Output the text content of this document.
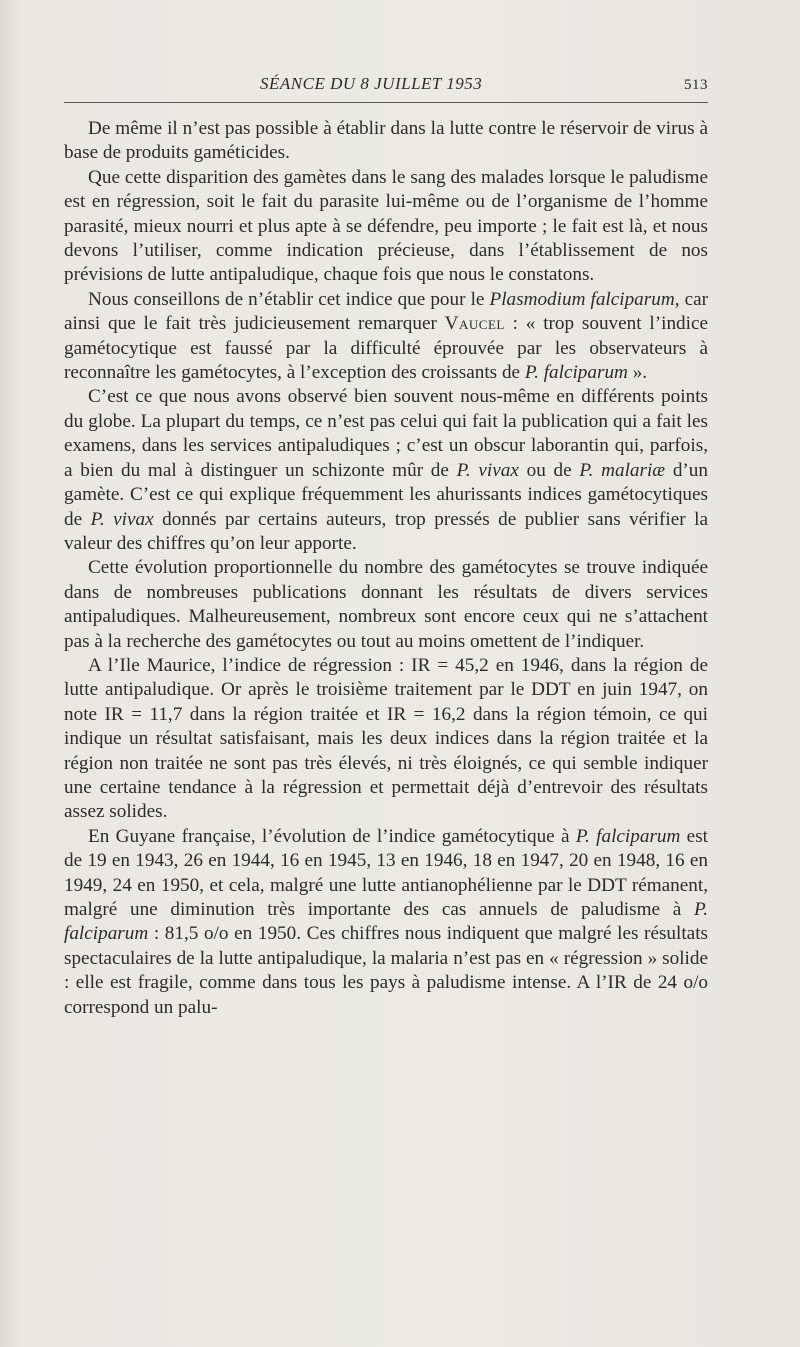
SÉANCE DU 8 JUILLET 1953	513

De même il n’est pas possible à établir dans la lutte contre le réservoir de virus à base de produits gaméticides.

Que cette disparition des gamètes dans le sang des malades lorsque le paludisme est en régression, soit le fait du parasite lui-même ou de l’organisme de l’homme parasité, mieux nourri et plus apte à se défendre, peu importe ; le fait est là, et nous devons l’utiliser, comme indication précieuse, dans l’établissement de nos prévisions de lutte antipaludique, chaque fois que nous le constatons.

Nous conseillons de n’établir cet indice que pour le Plasmodium falciparum, car ainsi que le fait très judicieusement remarquer Vaucel : « trop souvent l’indice gamétocytique est faussé par la difficulté éprouvée par les observateurs à reconnaître les gamétocytes, à l’exception des croissants de P. falciparum ».

C’est ce que nous avons observé bien souvent nous-même en différents points du globe. La plupart du temps, ce n’est pas celui qui fait la publication qui a fait les examens, dans les services antipaludiques ; c’est un obscur laborantin qui, parfois, a bien du mal à distinguer un schizonte mûr de P. vivax ou de P. malariæ d’un gamète. C’est ce qui explique fréquemment les ahurissants indices gamétocytiques de P. vivax donnés par certains auteurs, trop pressés de publier sans vérifier la valeur des chiffres qu’on leur apporte.

Cette évolution proportionnelle du nombre des gamétocytes se trouve indiquée dans de nombreuses publications donnant les résultats de divers services antipaludiques. Malheureusement, nombreux sont encore ceux qui ne s’attachent pas à la recherche des gamétocytes ou tout au moins omettent de l’indiquer.

A l’Ile Maurice, l’indice de régression : IR = 45,2 en 1946, dans la région de lutte antipaludique. Or après le troisième traitement par le DDT en juin 1947, on note IR = 11,7 dans la région traitée et IR = 16,2 dans la région témoin, ce qui indique un résultat satisfaisant, mais les deux indices dans la région traitée et la région non traitée ne sont pas très élevés, ni très éloignés, ce qui semble indiquer une certaine tendance à la régression et permettait déjà d’entrevoir des résultats assez solides.

En Guyane française, l’évolution de l’indice gamétocytique à P. falciparum est de 19 en 1943, 26 en 1944, 16 en 1945, 13 en 1946, 18 en 1947, 20 en 1948, 16 en 1949, 24 en 1950, et cela, malgré une lutte antianophélienne par le DDT rémanent, malgré une diminution très importante des cas annuels de paludisme à P. falciparum : 81,5 o/o en 1950. Ces chiffres nous indiquent que malgré les résultats spectaculaires de la lutte antipaludique, la malaria n’est pas en « régression » solide : elle est fragile, comme dans tous les pays à paludisme intense. A l’IR de 24 o/o correspond un palu-
